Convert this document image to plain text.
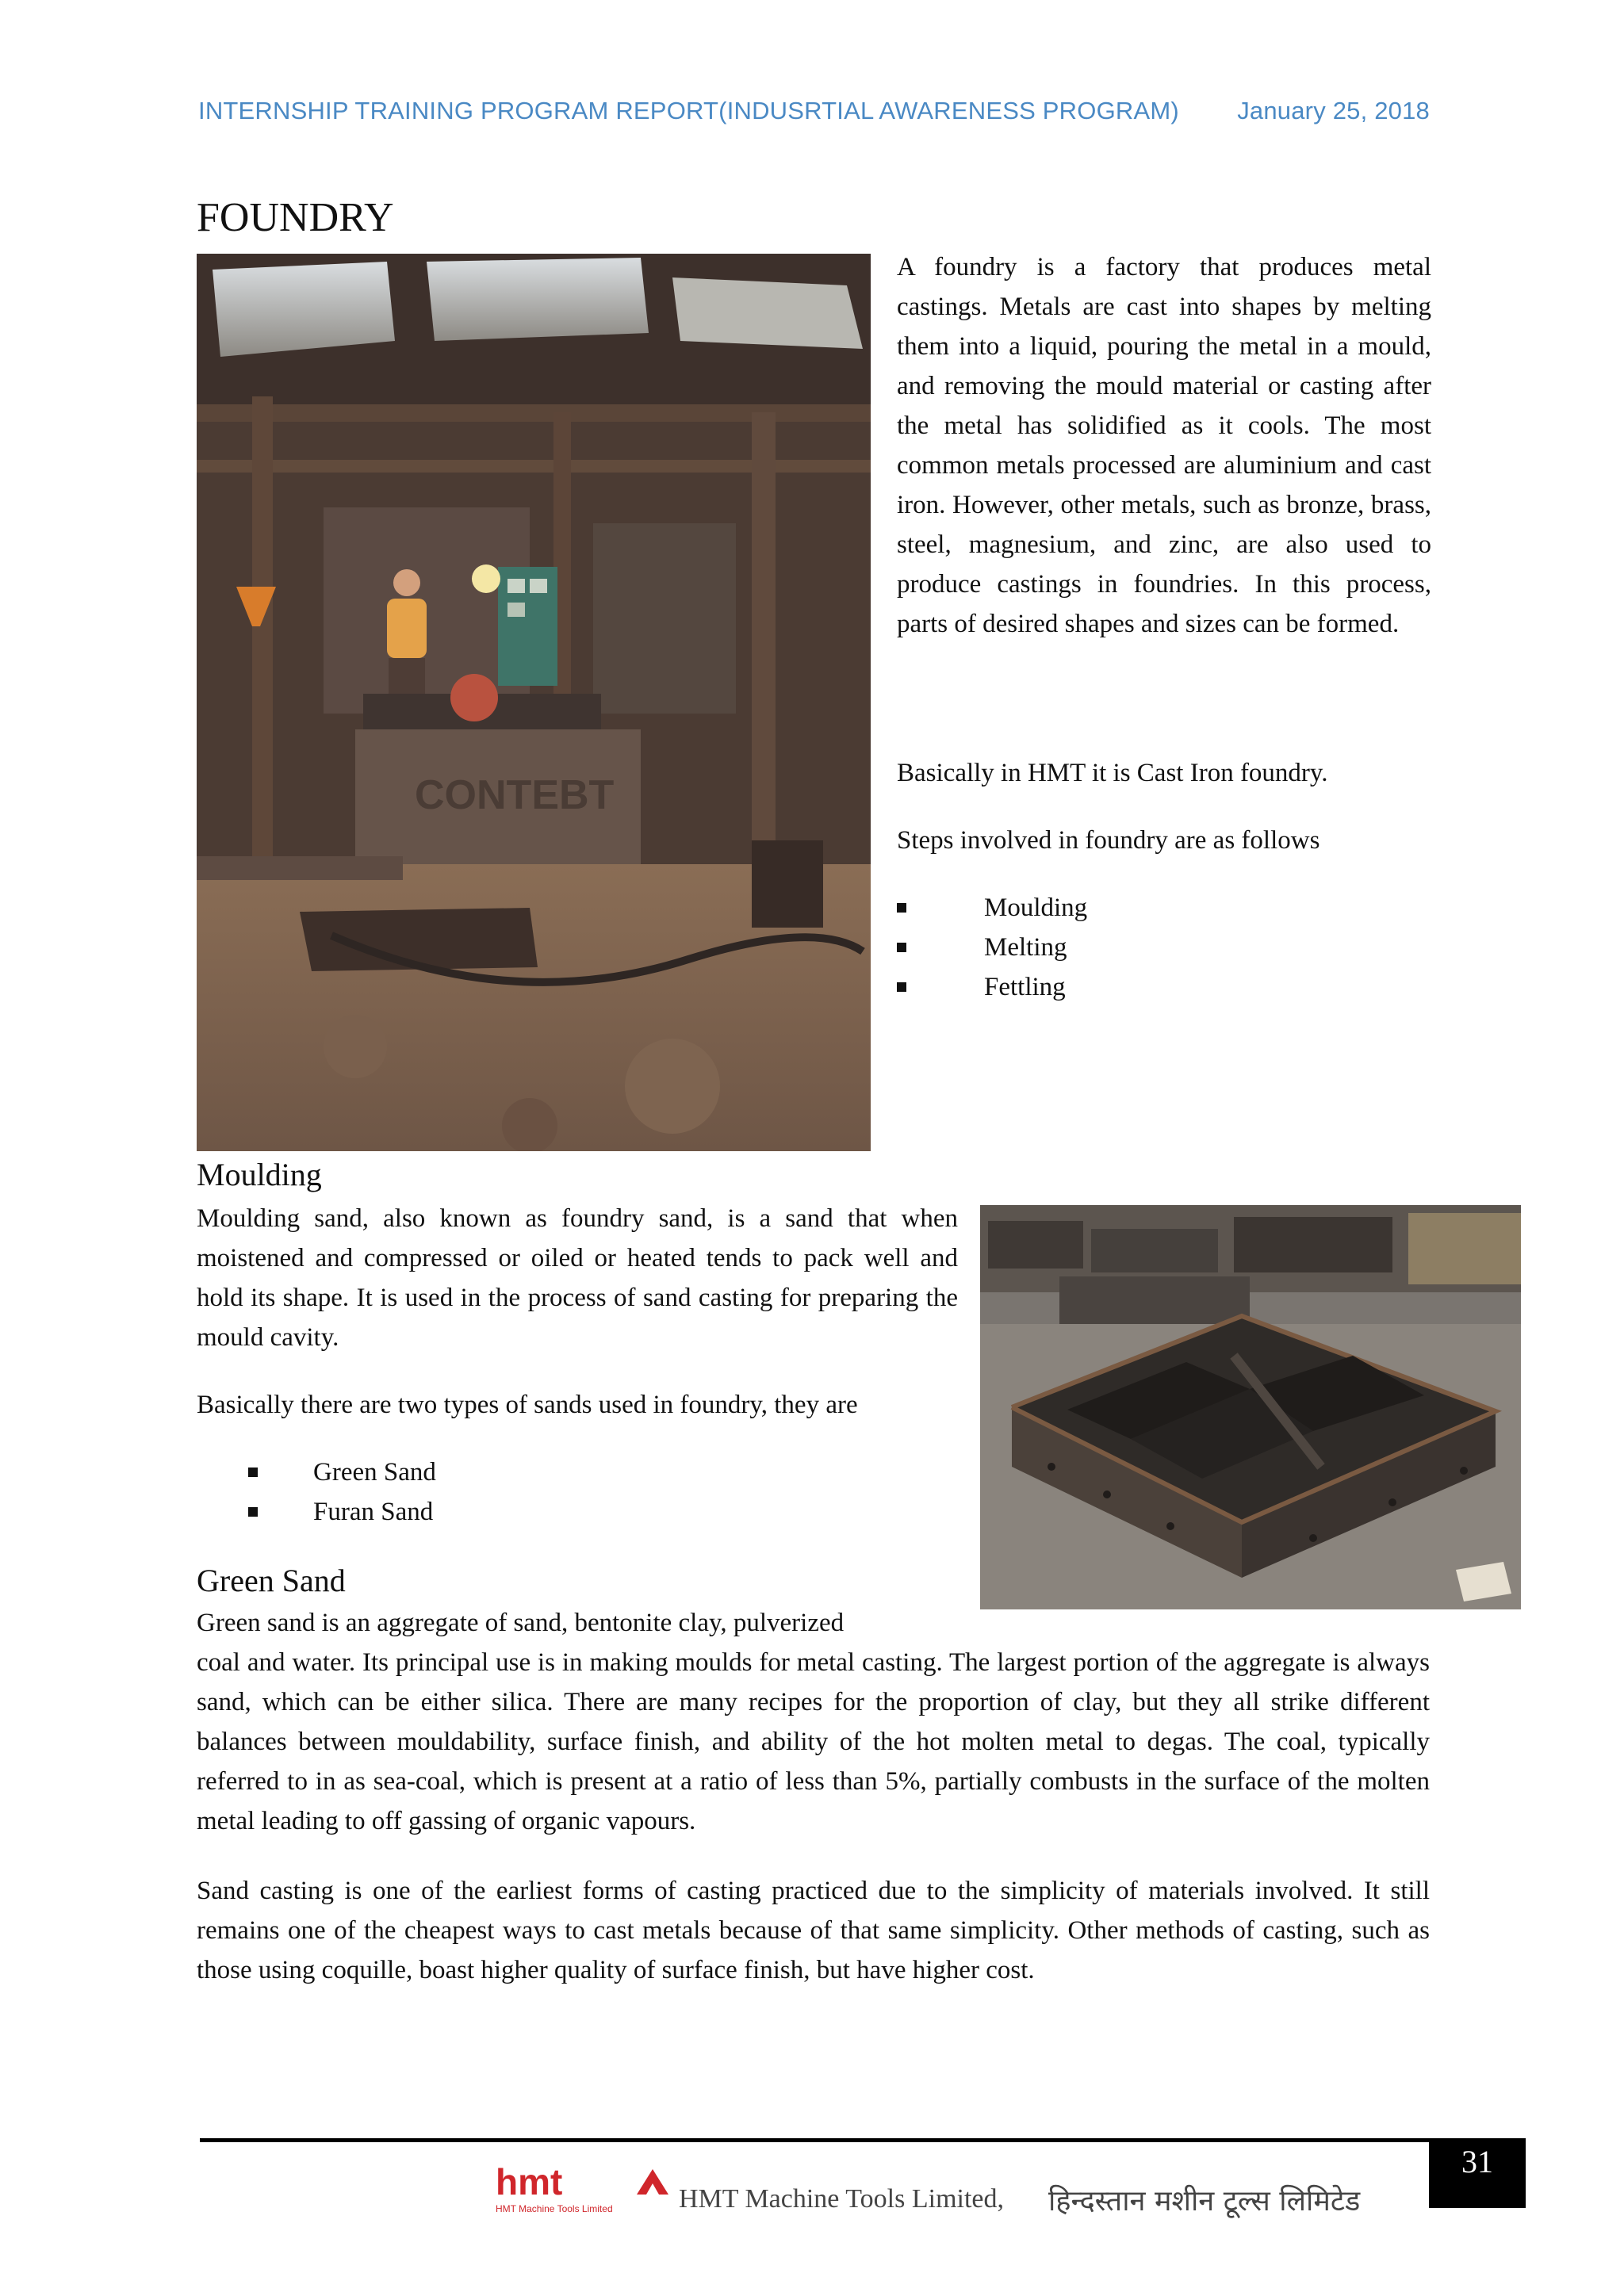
INTERNSHIP TRAINING PROGRAM REPORT(INDUSRTIAL AWARENESS PROGRAM) January 25, 2018
FOUNDRY
CONTEBT
A foundry is a factory that produces metal castings. Metals are cast into shapes by melting them into a liquid, pouring the metal in a mould, and removing the mould material or casting after the metal has solidified as it cools. The most common metals processed are aluminium and cast iron. However, other metals, such as bronze, brass, steel, magnesium, and zinc, are also used to produce castings in foundries. In this process, parts of desired shapes and sizes can be formed.
Basically in HMT it is Cast Iron foundry.
Steps involved in foundry are as follows
Moulding
Melting
Fettling
Moulding
Moulding sand, also known as foundry sand, is a sand that when moistened and compressed or oiled or heated tends to pack well and hold its shape. It is used in the process of sand casting for preparing the mould cavity.
Basically there are two types of sands used in foundry, they are
Green Sand
Furan Sand
Green Sand
Green sand is an aggregate of sand, bentonite clay, pulverized
coal and water. Its principal use is in making moulds for metal casting. The largest portion of the aggregate is always sand, which can be either silica. There are many recipes for the proportion of clay, but they all strike different balances between mouldability, surface finish, and ability of the hot molten metal to degas. The coal, typically referred to in as sea-coal, which is present at a ratio of less than 5%, partially combusts in the surface of the molten metal leading to off gassing of organic vapours.
Sand casting is one of the earliest forms of casting practiced due to the simplicity of materials involved. It still remains one of the cheapest ways to cast metals because of that same simplicity. Other methods of casting, such as those using coquille, boast higher quality of surface finish, but have higher cost.
hmt
HMT Machine Tools Limited HMT Machine Tools Limited, हिन्दस्तान मशीन टूल्स लिमिटेड
31
